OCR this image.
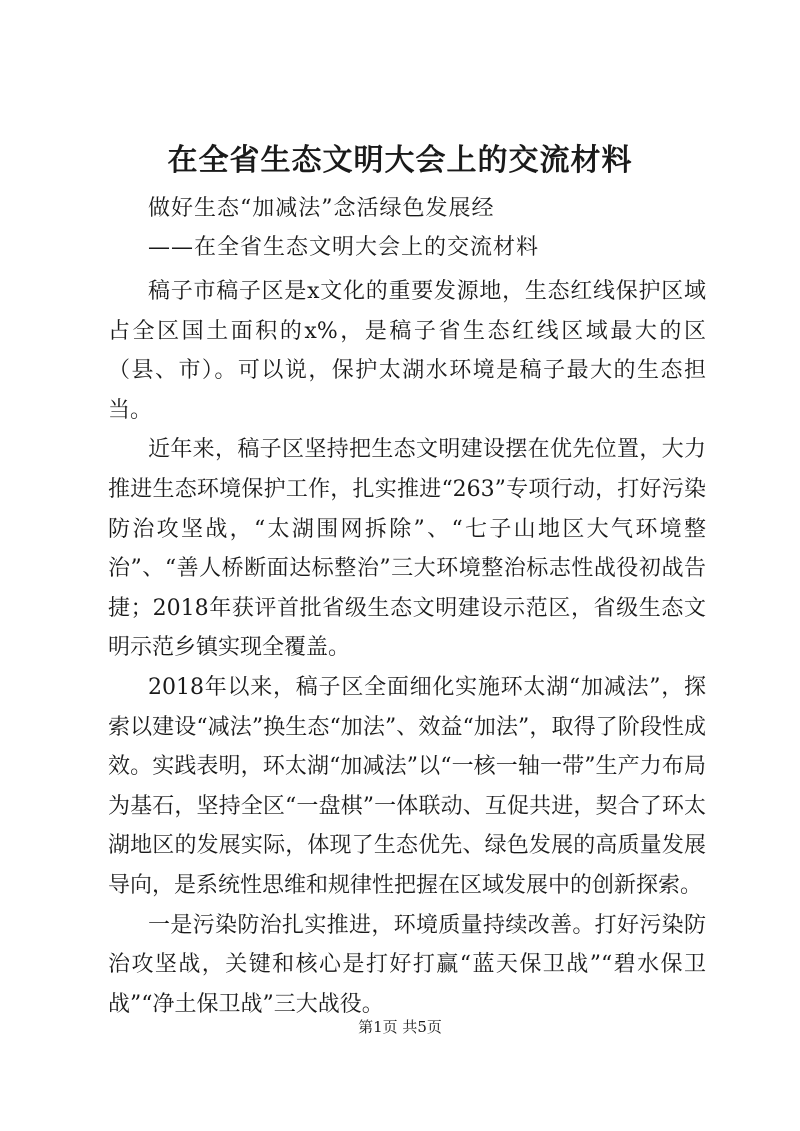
在全省生态文明大会上的交流材料

做好生态“加减法”念活绿色发展经

——在全省生态文明大会上的交流材料

稿子市稿子区是x文化的重要发源地，生态红线保护区域占全区国土面积的x%，是稿子省生态红线区域最大的区（县、市）。可以说，保护太湖水环境是稿子最大的生态担当。

近年来，稿子区坚持把生态文明建设摆在优先位置，大力推进生态环境保护工作，扎实推进“263”专项行动，打好污染防治攻坚战，“太湖围网拆除”、“七子山地区大气环境整治”、“善人桥断面达标整治”三大环境整治标志性战役初战告捷；2018年获评首批省级生态文明建设示范区，省级生态文明示范乡镇实现全覆盖。

2018年以来，稿子区全面细化实施环太湖“加减法”，探索以建设“减法”换生态“加法”、效益“加法”，取得了阶段性成效。实践表明，环太湖“加减法”以“一核一轴一带”生产力布局为基石，坚持全区“一盘棋”一体联动、互促共进，契合了环太湖地区的发展实际，体现了生态优先、绿色发展的高质量发展导向，是系统性思维和规律性把握在区域发展中的创新探索。

一是污染防治扎实推进，环境质量持续改善。打好污染防治攻坚战，关键和核心是打好打赢“蓝天保卫战”“碧水保卫战”“净土保卫战”三大战役。

第1页 共5页
